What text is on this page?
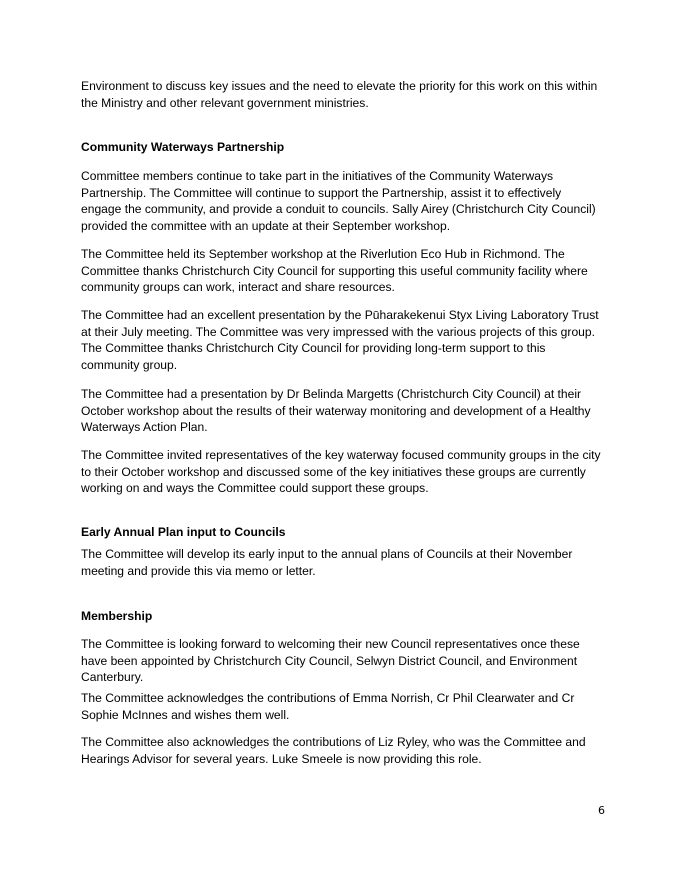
Environment to discuss key issues and the need to elevate the priority for this work on this within the Ministry and other relevant government ministries.

Community Waterways Partnership

Committee members continue to take part in the initiatives of the Community Waterways Partnership. The Committee will continue to support the Partnership, assist it to effectively engage the community, and provide a conduit to councils. Sally Airey (Christchurch City Council) provided the committee with an update at their September workshop.

The Committee held its September workshop at the Riverlution Eco Hub in Richmond. The Committee thanks Christchurch City Council for supporting this useful community facility where community groups can work, interact and share resources.

The Committee had an excellent presentation by the Pūharakekenui Styx Living Laboratory Trust at their July meeting. The Committee was very impressed with the various projects of this group. The Committee thanks Christchurch City Council for providing long-term support to this community group.

The Committee had a presentation by Dr Belinda Margetts (Christchurch City Council) at their October workshop about the results of their waterway monitoring and development of a Healthy Waterways Action Plan.

The Committee invited representatives of the key waterway focused community groups in the city to their October workshop and discussed some of the key initiatives these groups are currently working on and ways the Committee could support these groups.

Early Annual Plan input to Councils

The Committee will develop its early input to the annual plans of Councils at their November meeting and provide this via memo or letter.

Membership

The Committee is looking forward to welcoming their new Council representatives once these have been appointed by Christchurch City Council, Selwyn District Council, and Environment Canterbury.

The Committee acknowledges the contributions of Emma Norrish, Cr Phil Clearwater and Cr Sophie McInnes and wishes them well.

The Committee also acknowledges the contributions of Liz Ryley, who was the Committee and Hearings Advisor for several years. Luke Smeele is now providing this role.

6
